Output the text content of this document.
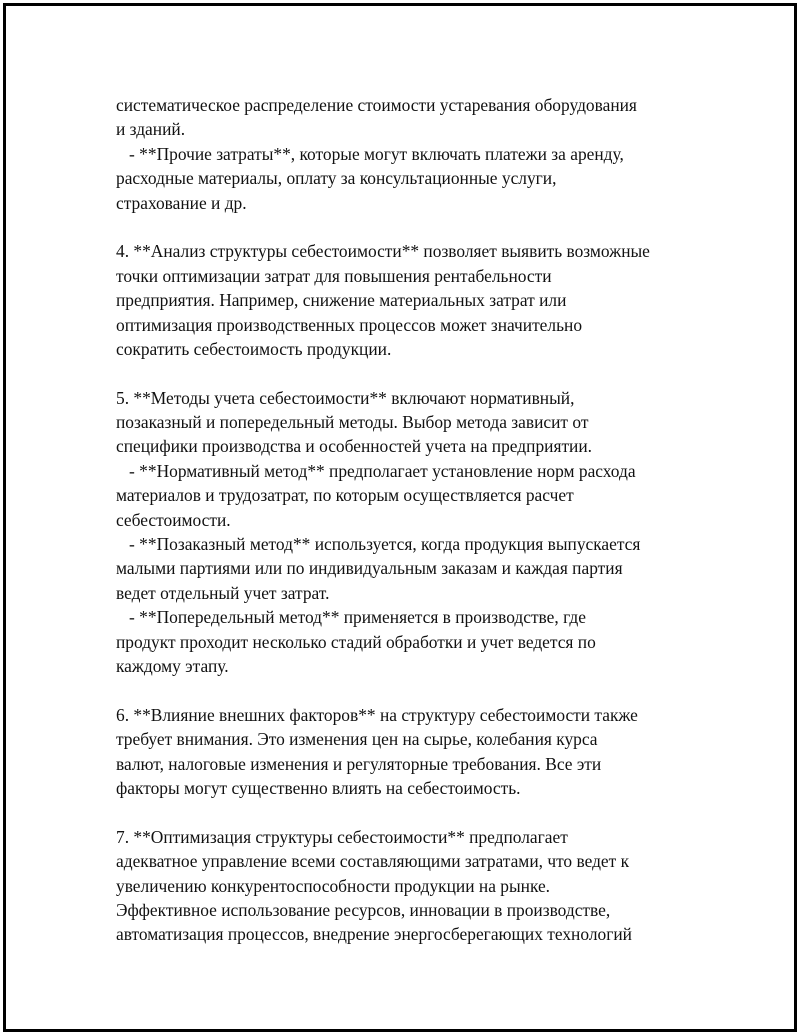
систематическое распределение стоимости устаревания оборудования
и зданий.
- **Прочие затраты**, которые могут включать платежи за аренду,
расходные материалы, оплату за консультационные услуги,
страхование и др.
4. **Анализ структуры себестоимости** позволяет выявить возможные
точки оптимизации затрат для повышения рентабельности
предприятия. Например, снижение материальных затрат или
оптимизация производственных процессов может значительно
сократить себестоимость продукции.
5. **Методы учета себестоимости** включают нормативный,
позаказный и попередельный методы. Выбор метода зависит от
специфики производства и особенностей учета на предприятии.
- **Нормативный метод** предполагает установление норм расхода
материалов и трудозатрат, по которым осуществляется расчет
себестоимости.
- **Позаказный метод** используется, когда продукция выпускается
малыми партиями или по индивидуальным заказам и каждая партия
ведет отдельный учет затрат.
- **Попередельный метод** применяется в производстве, где
продукт проходит несколько стадий обработки и учет ведется по
каждому этапу.
6. **Влияние внешних факторов** на структуру себестоимости также
требует внимания. Это изменения цен на сырье, колебания курса
валют, налоговые изменения и регуляторные требования. Все эти
факторы могут существенно влиять на себестоимость.
7. **Оптимизация структуры себестоимости** предполагает
адекватное управление всеми составляющими затратами, что ведет к
увеличению конкурентоспособности продукции на рынке.
Эффективное использование ресурсов, инновации в производстве,
автоматизация процессов, внедрение энергосберегающих технологий
